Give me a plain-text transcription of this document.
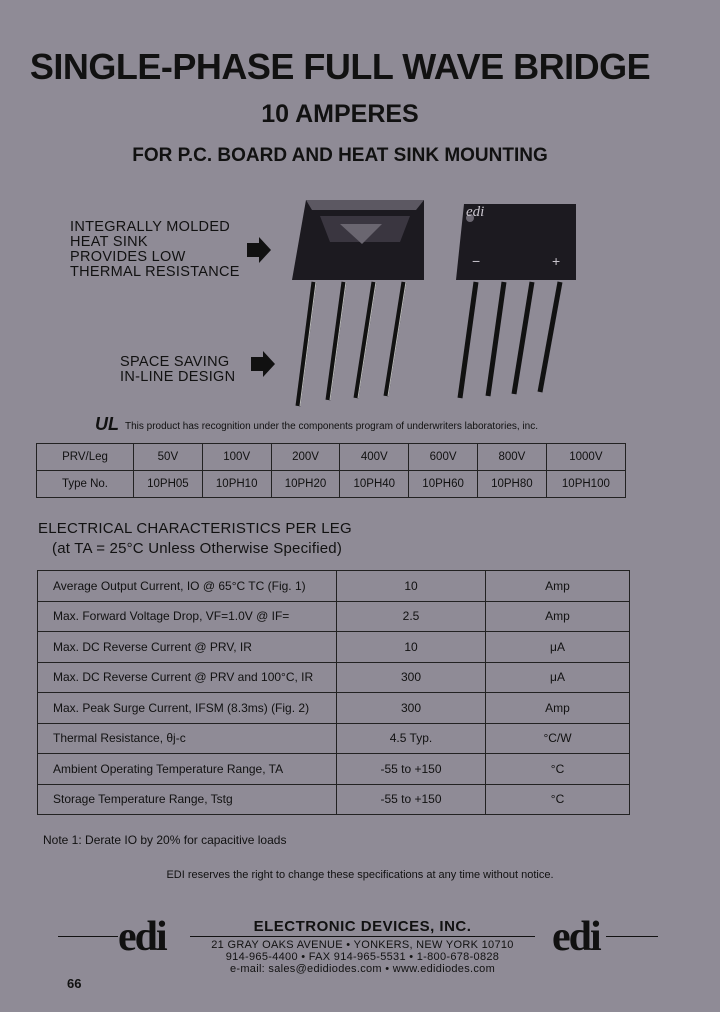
SINGLE-PHASE FULL WAVE BRIDGE
10 AMPERES
FOR P.C. BOARD AND HEAT SINK MOUNTING
INTEGRALLY MOLDED
HEAT SINK
PROVIDES LOW
THERMAL RESISTANCE
SPACE SAVING
IN-LINE DESIGN
+
−
edi
UL This product has recognition under the components program of underwriters laboratories, inc.
PRV/Leg	50V	100V	200V	400V	600V	800V	1000V
Type No.	10PH05	10PH10	10PH20	10PH40	10PH60	10PH80	10PH100
ELECTRICAL CHARACTERISTICS PER LEG
(at TA = 25°C Unless Otherwise Specified)
Average Output Current, IO @ 65°C TC (Fig. 1)	10	Amp
Max. Forward Voltage Drop, VF=1.0V @ IF=	2.5	Amp
Max. DC Reverse Current @ PRV, IR	10	μA
Max. DC Reverse Current @ PRV and 100°C, IR	300	μA
Max. Peak Surge Current, IFSM (8.3ms) (Fig. 2)	300	Amp
Thermal Resistance, θj-c	4.5 Typ.	°C/W
Ambient Operating Temperature Range, TA	-55 to +150	°C
Storage Temperature Range, Tstg	-55 to +150	°C
Note 1: Derate IO by 20% for capacitive loads
EDI reserves the right to change these specifications at any time without notice.
edi	edi
ELECTRONIC DEVICES, INC.
21 GRAY OAKS AVENUE • YONKERS, NEW YORK 10710
914-965-4400 • FAX 914-965-5531 • 1-800-678-0828
e-mail: sales@edidiodes.com • www.edidiodes.com
66
